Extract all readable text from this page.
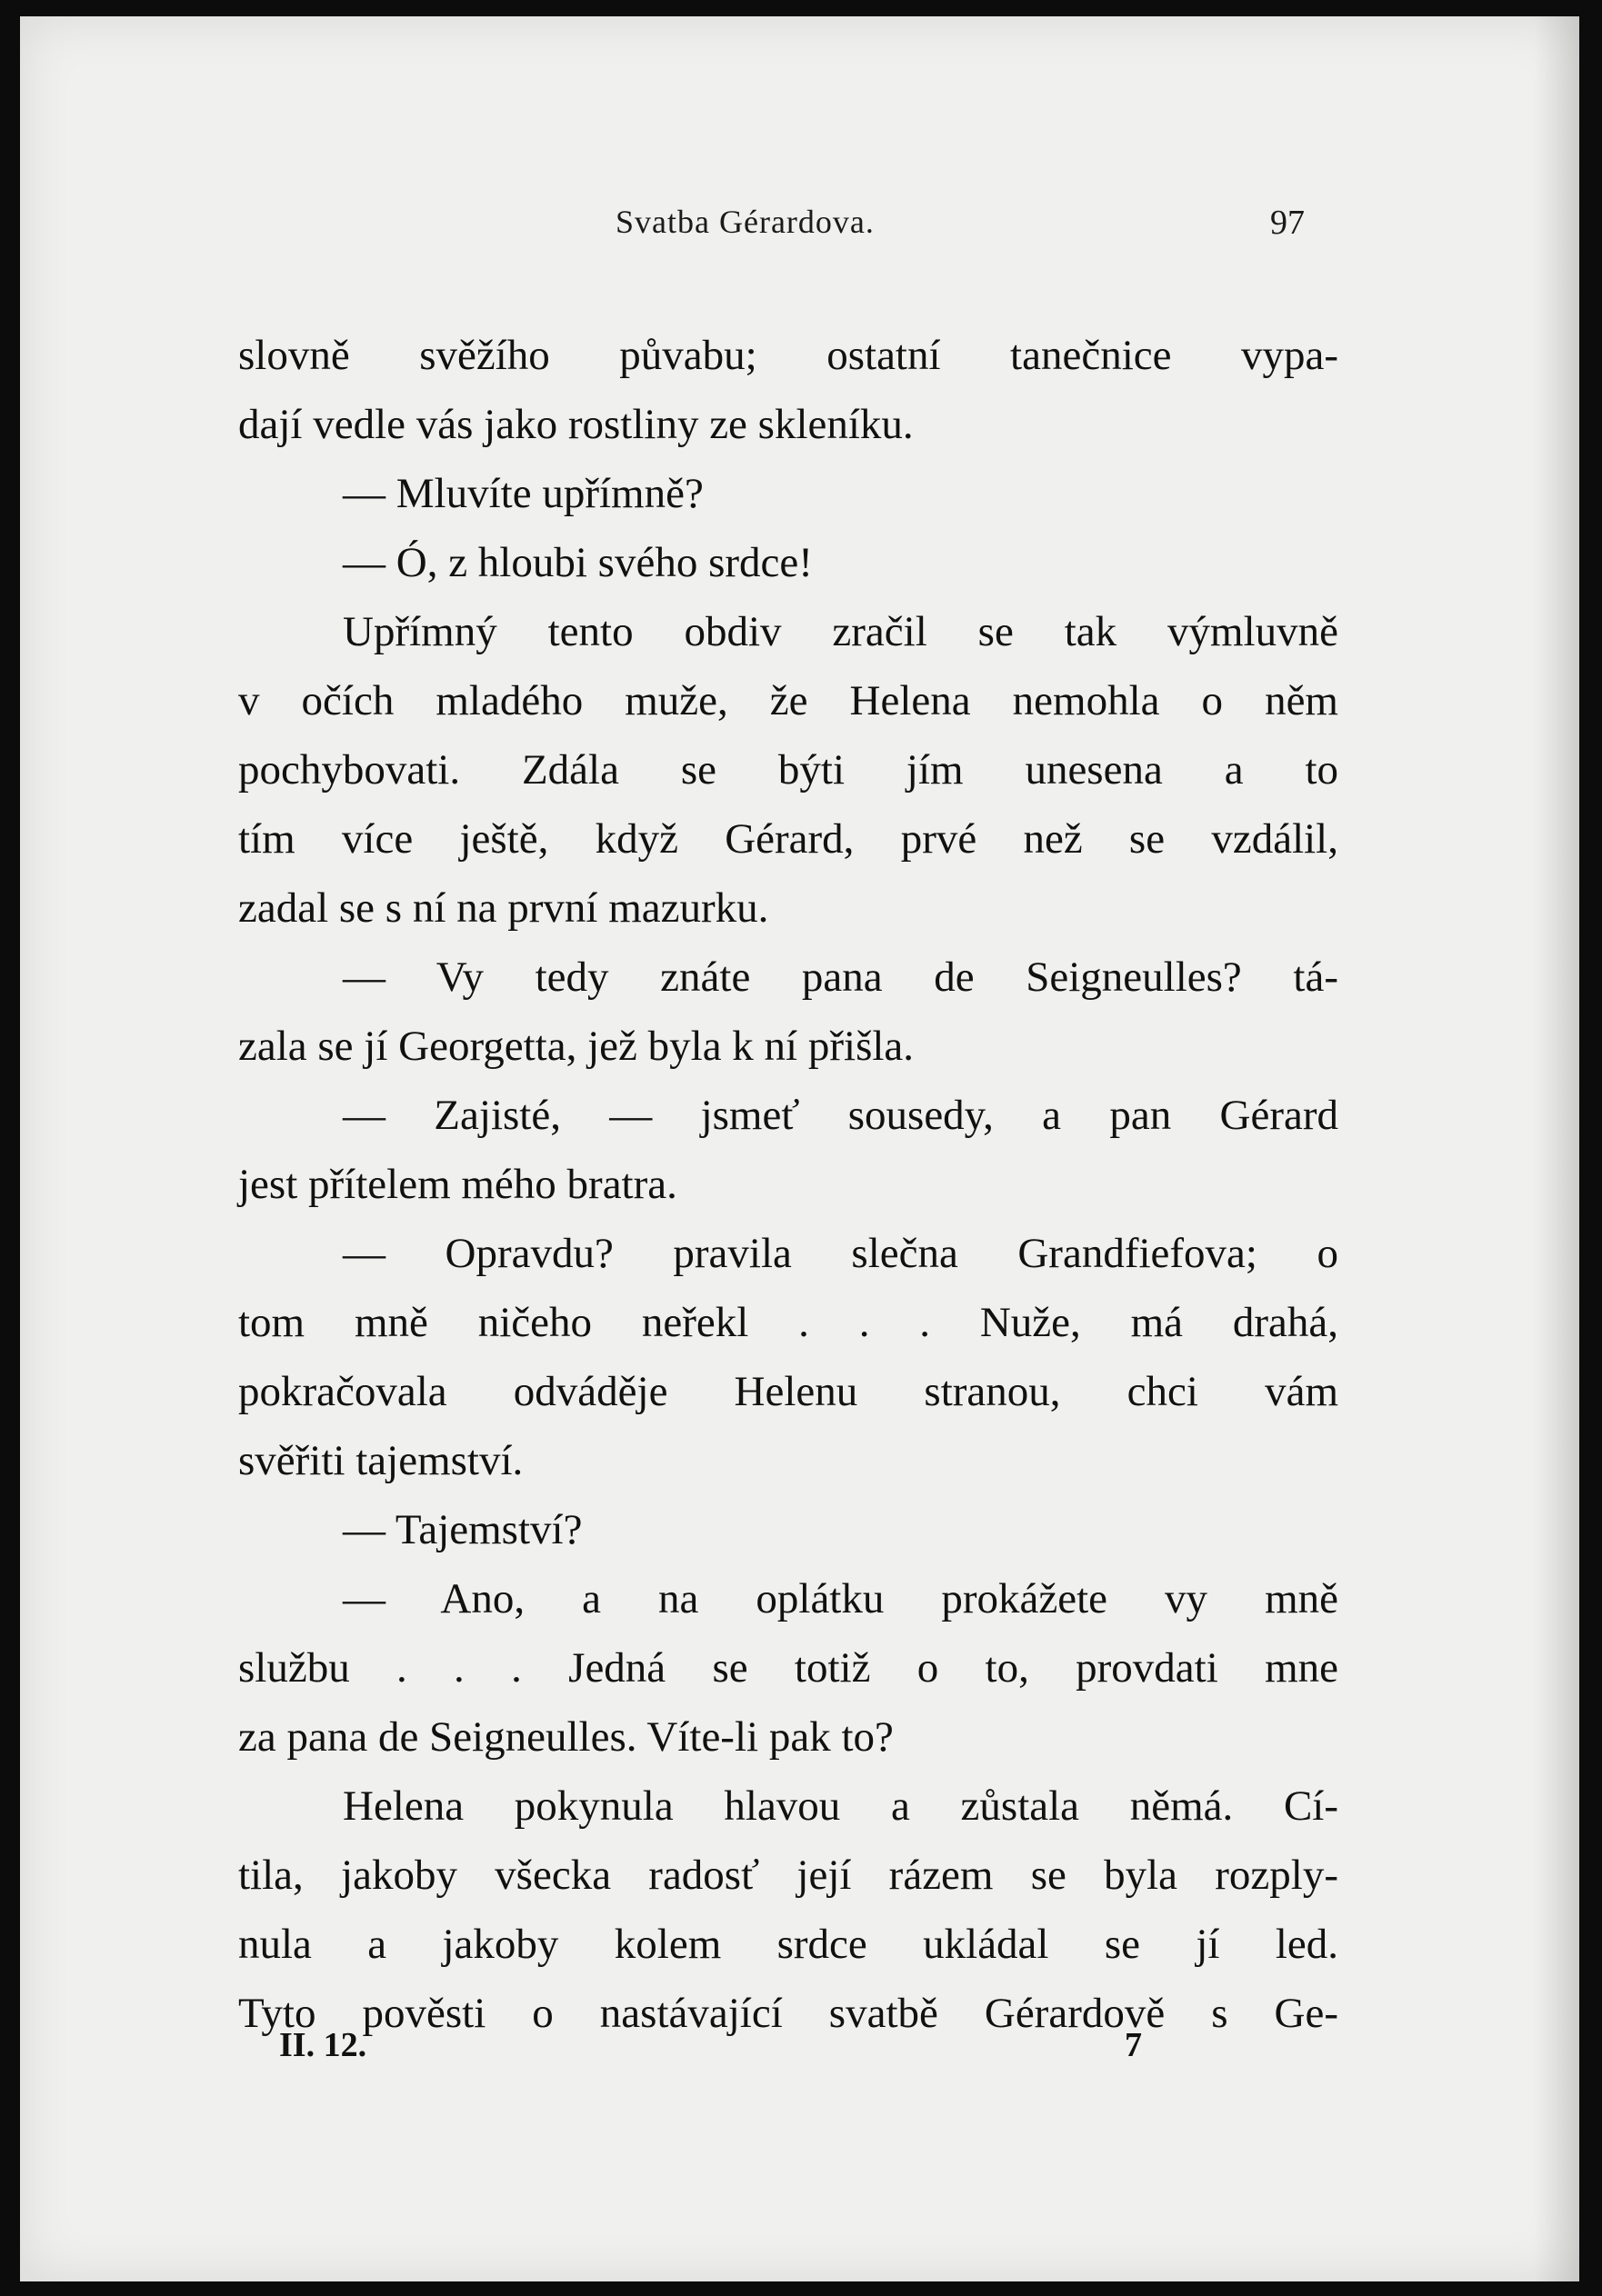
Svatba Gérardova.	97
slovně svěžího půvabu; ostatní tanečnice vypa-
dají vedle vás jako rostliny ze skleníku.
— Mluvíte upřímně?
— Ó, z hloubi svého srdce!
Upřímný tento obdiv zračil se tak výmluvně
v očích mladého muže, že Helena nemohla o něm
pochybovati. Zdála se býti jím unesena a to
tím více ještě, když Gérard, prvé než se vzdálil,
zadal se s ní na první mazurku.
— Vy tedy znáte pana de Seigneulles? tá-
zala se jí Georgetta, jež byla k ní přišla.
— Zajisté, — jsmeť sousedy, a pan Gérard
jest přítelem mého bratra.
— Opravdu? pravila slečna Grandfiefova; o
tom mně ničeho neřekl . . . Nuže, má drahá,
pokračovala odváděje Helenu stranou, chci vám
svěřiti tajemství.
— Tajemství?
— Ano, a na oplátku prokážete vy mně
službu . . . Jedná se totiž o to, provdati mne
za pana de Seigneulles. Víte-li pak to?
Helena pokynula hlavou a zůstala němá. Cí-
tila, jakoby všecka radosť její rázem se byla rozply-
nula a jakoby kolem srdce ukládal se jí led.
Tyto pověsti o nastávající svatbě Gérardově s Ge-
II. 12.	7
